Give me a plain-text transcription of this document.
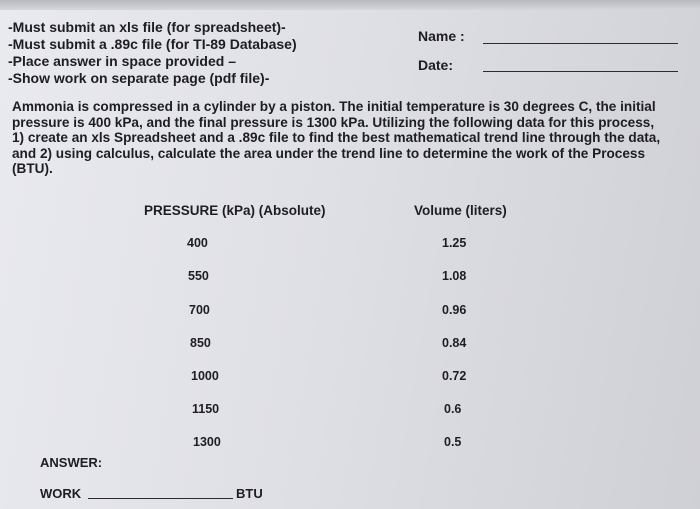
-Must submit an xls file (for spreadsheet)-
-Must submit a .89c file (for TI-89 Database)
-Place answer in space provided –
-Show work on separate page (pdf file)-
Name :
Date:

Ammonia is compressed in a cylinder by a piston. The initial temperature is 30 degrees C, the initial pressure is 400 kPa, and the final pressure is 1300 kPa. Utilizing the following data for this process, 1) create an xls Spreadsheet and a .89c file to find the best mathematical trend line through the data, and 2) using calculus, calculate the area under the trend line to determine the work of the Process (BTU).

PRESSURE (kPa) (Absolute)	Volume (liters)
400	1.25
550	1.08
700	0.96
850	0.84
1000	0.72
1150	0.6
1300	0.5
ANSWER:
WORK	BTU
